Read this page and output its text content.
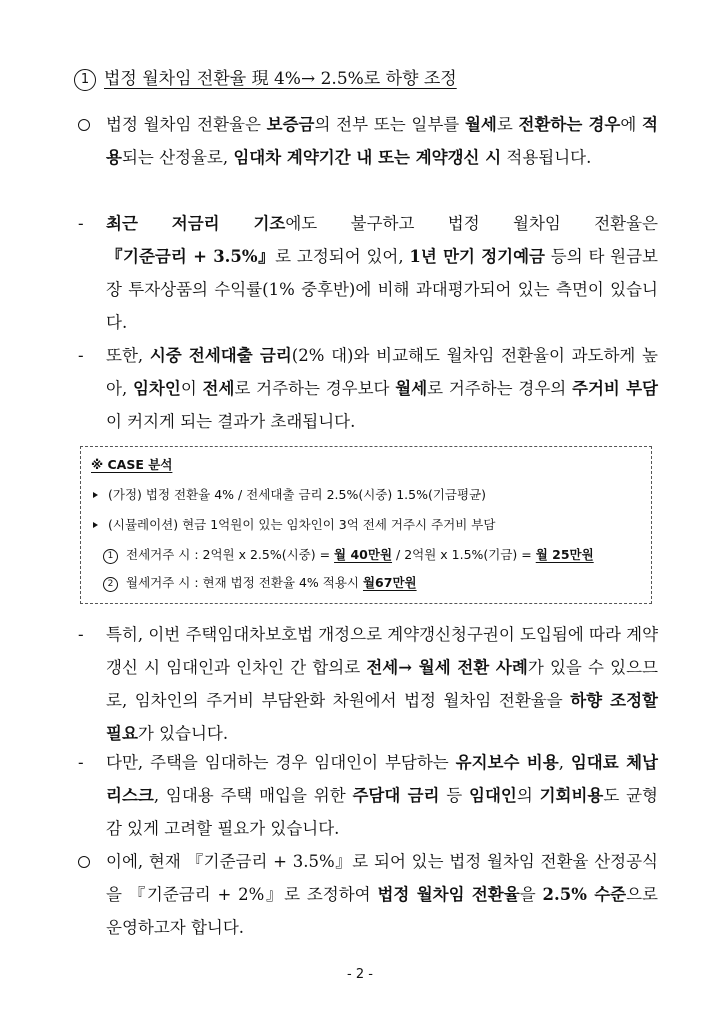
1 법정 월차임 전환율 現 4%→ 2.5%로 하향 조정
법정 월차임 전환율은 보증금의 전부 또는 일부를 월세로 전환하는 경우에 적용되는 산정율로, 임대차 계약기간 내 또는 계약갱신 시 적용됩니다.
-	최근 저금리 기조에도 불구하고 법정 월차임 전환율은 『기준금리 + 3.5%』로 고정되어 있어, 1년 만기 정기예금 등의 타 원금보장 투자상품의 수익률(1% 중후반)에 비해 과대평가되어 있는 측면이 있습니다.
-	또한, 시중 전세대출 금리(2% 대)와 비교해도 월차임 전환율이 과도하게 높아, 임차인이 전세로 거주하는 경우보다 월세로 거주하는 경우의 주거비 부담이 커지게 되는 결과가 초래됩니다.
※ CASE 분석
(가정) 법정 전환율 4% / 전세대출 금리 2.5%(시중) 1.5%(기금평균)
(시뮬레이션) 현금 1억원이 있는 임차인이 3억 전세 거주시 주거비 부담
1 전세거주 시 : 2억원 x 2.5%(시중) = 월 40만원 / 2억원 x 1.5%(기금) = 월 25만원
2 월세거주 시 : 현재 법정 전환율 4% 적용시 월67만원
-	특히, 이번 주택임대차보호법 개정으로 계약갱신청구권이 도입됨에 따라 계약갱신 시 임대인과 인차인 간 합의로 전세→ 월세 전환 사례가 있을 수 있으므로, 임차인의 주거비 부담완화 차원에서 법정 월차임 전환율을 하향 조정할 필요가 있습니다.
-	다만, 주택을 임대하는 경우 임대인이 부담하는 유지보수 비용, 임대료 체납리스크, 임대용 주택 매입을 위한 주담대 금리 등 임대인의 기회비용도 균형감 있게 고려할 필요가 있습니다.
이에, 현재 『기준금리 + 3.5%』로 되어 있는 법정 월차임 전환율 산정공식을 『기준금리 + 2%』로 조정하여 법정 월차임 전환율을 2.5% 수준으로 운영하고자 합니다.
- 2 -
